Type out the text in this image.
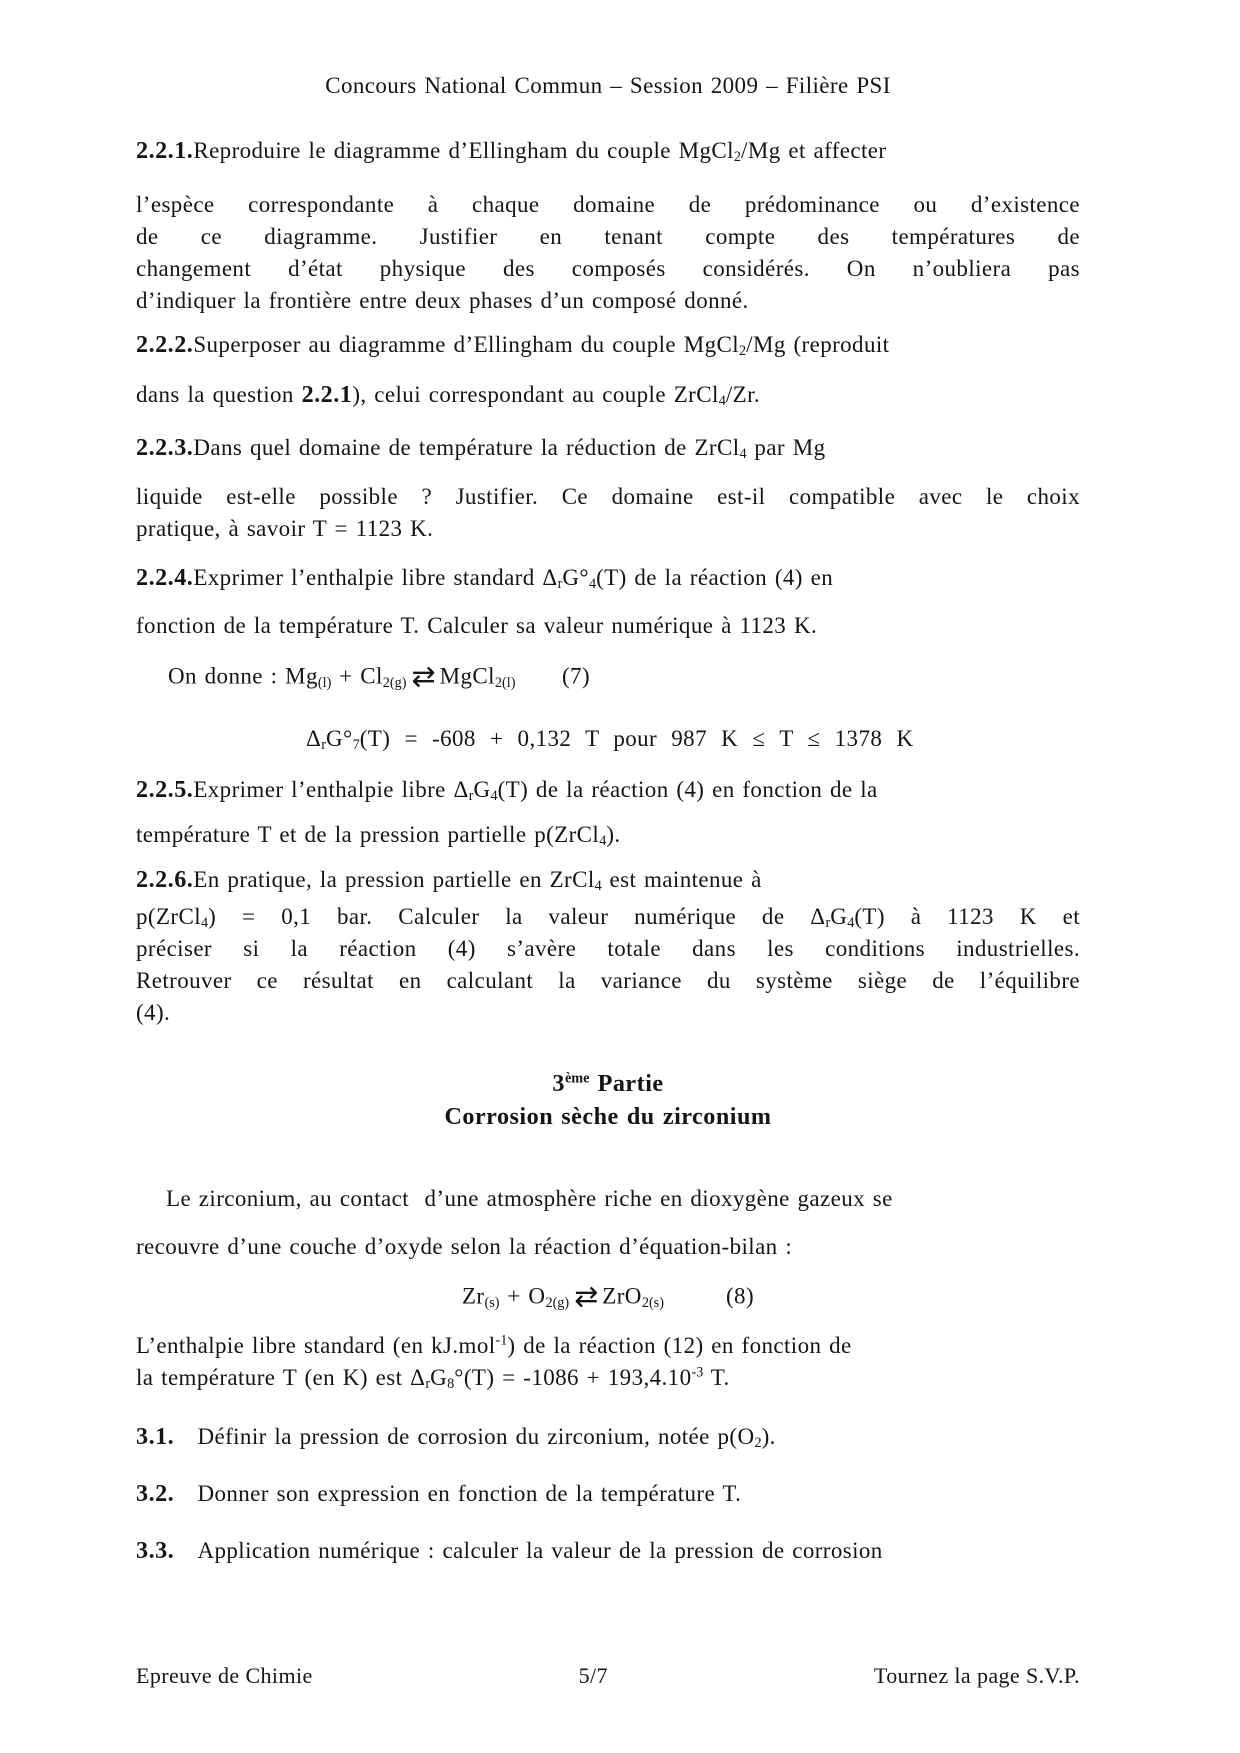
Concours National Commun – Session 2009 – Filière PSI
2.2.1.Reproduire le diagramme d’Ellingham du couple MgCl$_2$/Mg et affecter
l’espèce correspondante à chaque domaine de prédominance ou d’existence
de ce diagramme. Justifier en tenant compte des températures de
changement d’état physique des composés considérés. On n’oubliera pas
d’indiquer la frontière entre deux phases d’un composé donné.
2.2.2.Superposer au diagramme d’Ellingham du couple MgCl$_2$/Mg (reproduit
dans la question 2.2.1), celui correspondant au couple ZrCl$_4$/Zr.
2.2.3.Dans quel domaine de température la réduction de ZrCl$_4$ par Mg
liquide est-elle possible ? Justifier. Ce domaine est-il compatible avec le choix
pratique, à savoir T = 1123 K.
2.2.4.Exprimer l’enthalpie libre standard $\Delta_rG^\circ_4(T)$ de la réaction (4) en
fonction de la température T. Calculer sa valeur numérique à 1123 K.
On donne : $Mg_{(l)} + Cl_{2(g)}$ ⇄ MgCl$_{2(l)}$      (7)
$\Delta_rG^\circ_7(T) = -608 + 0,132$ T pour 987 K ≤ T ≤ 1378 K
2.2.5.Exprimer l’enthalpie libre $\Delta_rG_4(T)$ de la réaction (4) en fonction de la
température T et de la pression partielle p(ZrCl$_4$).
2.2.6.En pratique, la pression partielle en ZrCl$_4$ est maintenue à
p(ZrCl$_4$) = 0,1 bar. Calculer la valeur numérique de $\Delta_rG_4(T)$ à 1123 K et
préciser si la réaction (4) s’avère totale dans les conditions industrielles.
Retrouver ce résultat en calculant la variance du système siège de l’équilibre
(4).
3ème Partie
Corrosion sèche du zirconium
Le zirconium, au contact  d’une atmosphère riche en dioxygène gazeux se
recouvre d’une couche d’oxyde selon la réaction d’équation-bilan :
$Zr_{(s)} + O_{2(g)}$ ⇄ ZrO$_{2(s)}$        (8)
L’enthalpie libre standard (en kJ.mol$^{-1}$) de la réaction (12) en fonction de
la température T (en K) est $\Delta_rG_8^\circ(T) = -1086 + 193,4.10^{-3}$ T.
3.1.   Définir la pression de corrosion du zirconium, notée $p(O_2)$.
3.2.   Donner son expression en fonction de la température T.
3.3.   Application numérique : calculer la valeur de la pression de corrosion
Epreuve de Chimie	5/7	Tournez la page S.V.P.
